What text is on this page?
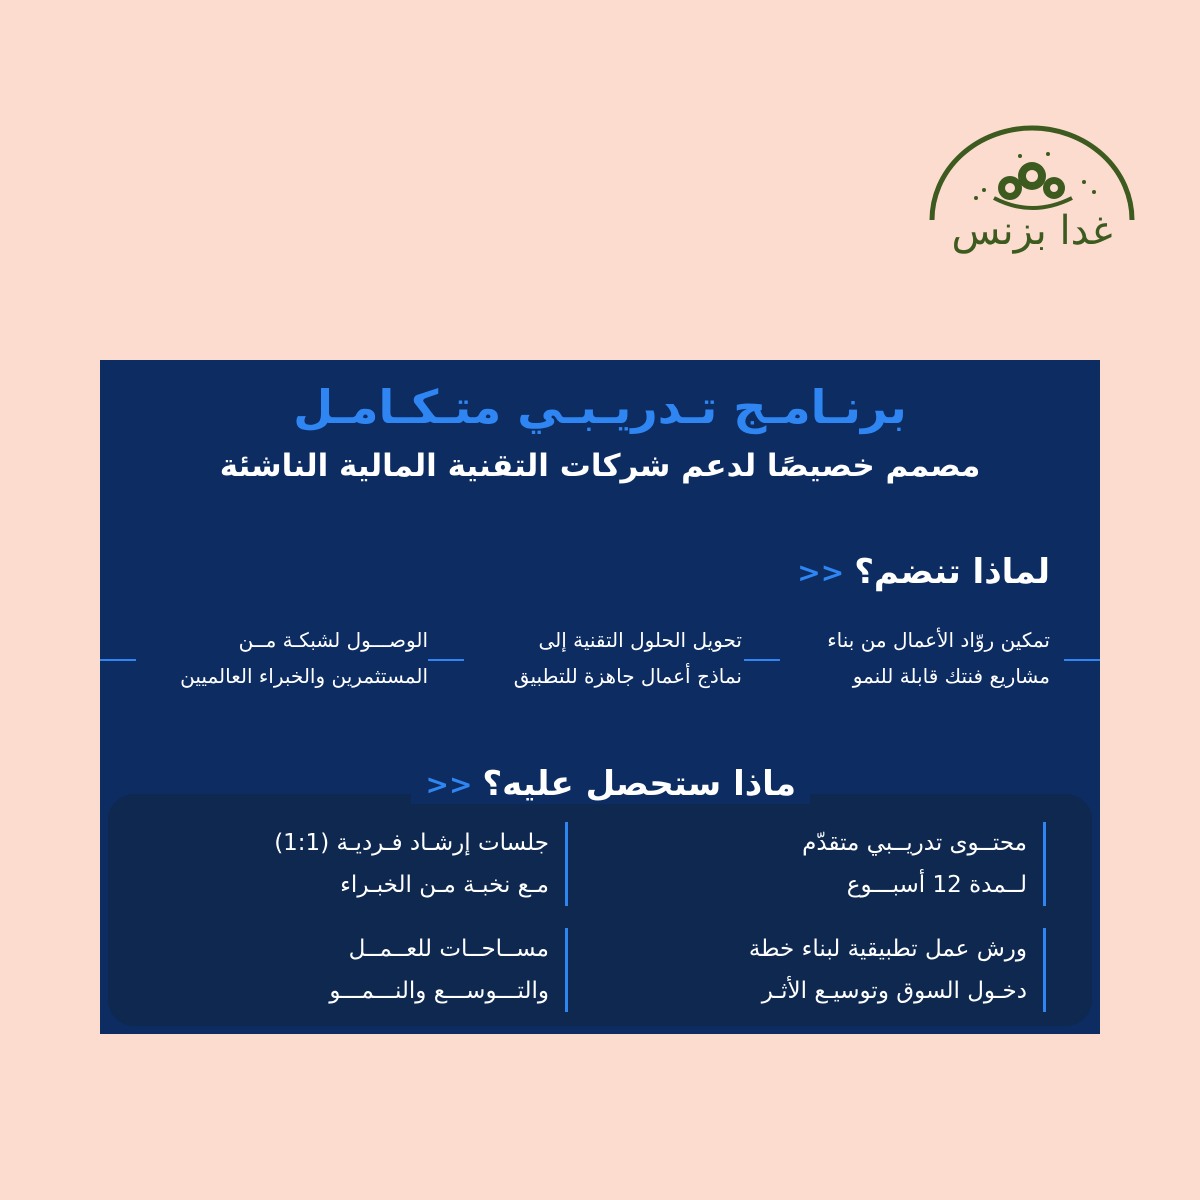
غدا بزنس
برنـامـج تـدريـبـي متـكـامـل
مصمم خصيصًا لدعم شركات التقنية المالية الناشئة
لماذا تنضم؟
<<
تمكين روّاد الأعمال من بناء
مشاريع فنتك قابلة للنمو
تحويل الحلول التقنية إلى
نماذج أعمال جاهزة للتطبيق
الوصـــول لشبكـة مــن
المستثمرين والخبراء العالميين
محتــوى تدريــبي متقدّم
لــمدة 12 أسبـــوع
جلسات إرشـاد فـرديـة (1:1)
مـع نخبـة مـن الخبـراء
ورش عمل تطبيقية لبناء خطة
دخـول السوق وتوسيـع الأثـر
مســاحــات للعــمــل
والتـــوســـع والنـــمـــو
ماذا ستحصل عليه؟
<<
